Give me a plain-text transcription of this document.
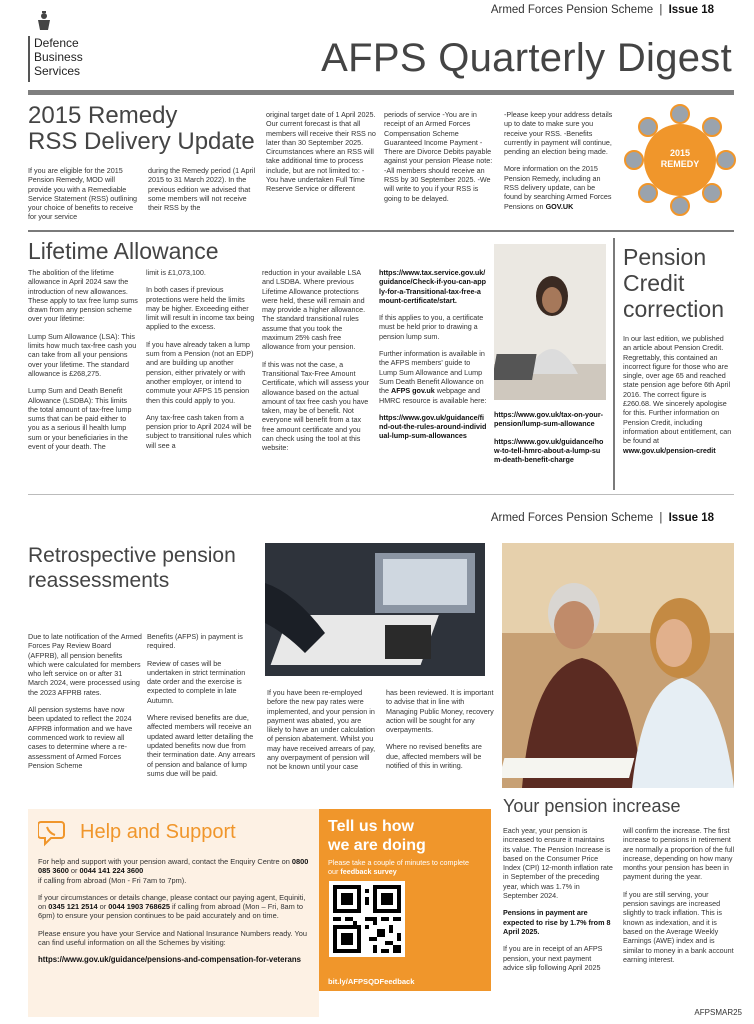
Armed Forces Pension Scheme | Issue 18
Defence
Business
Services	AFPS Quarterly Digest
2015 Remedy
RSS Delivery Update
If you are eligible for the 2015 Pension Remedy, MOD will provide you with a Remediable Service Statement (RSS) outlining your choice of benefits to receive for your service
during the Remedy period (1 April 2015 to 31 March 2022). In the previous edition we advised that some members will not receive their RSS by the
original target date of 1 April 2025. Our current forecast is that all members will receive their RSS no later than 30 September 2025. Circumstances where an RSS will take additional time to process include, but are not limited to: -You have undertaken Full Time Reserve Service or different
periods of service -You are in receipt of an Armed Forces Compensation Scheme Guaranteed Income Payment -There are Divorce Debits payable against your pension Please note: -All members should receive an RSS by 30 September 2025. -We will write to you if your RSS is going to be delayed.

-Please keep your address details up to date to make sure you receive your RSS. -Benefits currently in payment will continue, pending an election being made.

More information on the 2015 Pension Remedy, including an RSS delivery update, can be found by searching Armed Forces Pensions on GOV.UK
2015
REMEDY
Lifetime Allowance

The abolition of the lifetime allowance in April 2024 saw the introduction of new allowances. These apply to tax free lump sums drawn from any pension scheme over your lifetime:

Lump Sum Allowance (LSA): This limits how much tax-free cash you can take from all your pensions over your lifetime. The standard allowance is £268,275.

Lump Sum and Death Benefit Allowance (LSDBA): This limits the total amount of tax-free lump sums that can be paid either to you as a serious ill health lump sum or your beneficiaries in the event of your death. The

limit is £1,073,100.

In both cases if previous protections were held the limits may be higher. Exceeding either limit will result in income tax being applied to the excess.

If you have already taken a lump sum from a Pension (not an EDP) and are building up another pension, either privately or with another employer, or intend to commute your AFPS 15 pension then this could apply to you.

Any tax-free cash taken from a pension prior to April 2024 will be subject to transitional rules which will see a

reduction in your available LSA and LSDBA. Where previous Lifetime Allowance protections were held, these will remain and may provide a higher allowance. The standard transitional rules assume that you took the maximum 25% cash free allowance from your pension.

If this was not the case, a Transitional Tax-Free Amount Certificate, which will assess your allowance based on the actual amount of tax free cash you have taken, may be of benefit. Not everyone will benefit from a tax free amount certificate and you can check using the tool at this website:

https://www.tax.service.gov.uk/guidance/Check-if-you-can-apply-for-a-Transitional-tax-free-amount-certificate/start.

If this applies to you, a certificate must be held prior to drawing a pension lump sum.

Further information is available in the AFPS members' guide to Lump Sum Allowance and Lump Sum Death Benefit Allowance on the AFPS gov.uk webpage and HMRC resource is available here:

https://www.gov.uk/guidance/find-out-the-rules-around-individual-lump-sum-allowances

https://www.gov.uk/tax-on-your-pension/lump-sum-allowance

https://www.gov.uk/guidance/how-to-tell-hmrc-about-a-lump-sum-death-benefit-charge

Pension Credit correction
In our last edition, we published an article about Pension Credit. Regrettably, this contained an incorrect figure for those who are single, over age 65 and reached state pension age before 6th April 2016. The correct figure is £260.68. We sincerely apologise for this. Further information on Pension Credit, including information about entitlement, can be found at www.gov.uk/pension-credit
Armed Forces Pension Scheme | Issue 18
Retrospective pension reassessments

Due to late notification of the Armed Forces Pay Review Board (AFPRB), all pension benefits which were calculated for members who left service on or after 31 March 2024, were processed using the 2023 AFPRB rates.

All pension systems have now been updated to reflect the 2024 AFPRB information and we have commenced work to review all cases to determine where a re-assessment of Armed Forces Pension Scheme

Benefits (AFPS) in payment is required.

Review of cases will be undertaken in strict termination date order and the exercise is expected to complete in late Autumn.

Where revised benefits are due, affected members will receive an updated award letter detailing the updated benefits now due from their termination date. Any arrears of pension and balance of lump sums due will be paid.

If you have been re-employed before the new pay rates were implemented, and your pension in payment was abated, you are likely to have an under calculation of pension abatement. Whilst you may have received arrears of pay, any overpayment of pension will not be known until your case

has been reviewed. It is important to advise that in line with Managing Public Money, recovery action will be sought for any overpayments.

Where no revised benefits are due, affected members will be notified of this in writing.

Help and Support

For help and support with your pension award, contact the Enquiry Centre on 0800 085 3600 or 0044 141 224 3600
if calling from abroad (Mon - Fri 7am to 7pm).

If your circumstances or details change, please contact our paying agent, Equiniti, on 0345 121 2514 or 0044 1903 768625 if calling from abroad (Mon – Fri, 8am to 6pm) to ensure your pension continues to be paid accurately and on time.

Please ensure you have your Service and National Insurance Numbers ready. You can find useful information on all the Schemes by visiting:

https://www.gov.uk/guidance/pensions-and-compensation-for-veterans

Tell us how
we are doing
Please take a couple of minutes to complete our feedback survey
bit.ly/AFPSQDFeedback
Your pension increase

Each year, your pension is increased to ensure it maintains its value. The Pension Increase is based on the Consumer Price Index (CPI) 12-month inflation rate in September of the preceding year, which was 1.7% in September 2024.

Pensions in payment are expected to rise by 1.7% from 8 April 2025.

If you are in receipt of an AFPS pension, your next payment advice slip following April 2025

will confirm the increase. The first increase to pensions in retirement are normally a proportion of the full increase, depending on how many months your pension has been in payment during the year.

If you are still serving, your pension savings are increased slightly to track inflation. This is known as indexation, and it is based on the Average Weekly Earnings (AWE) index and is similar to money in a bank account earning interest.

AFPSMAR25
